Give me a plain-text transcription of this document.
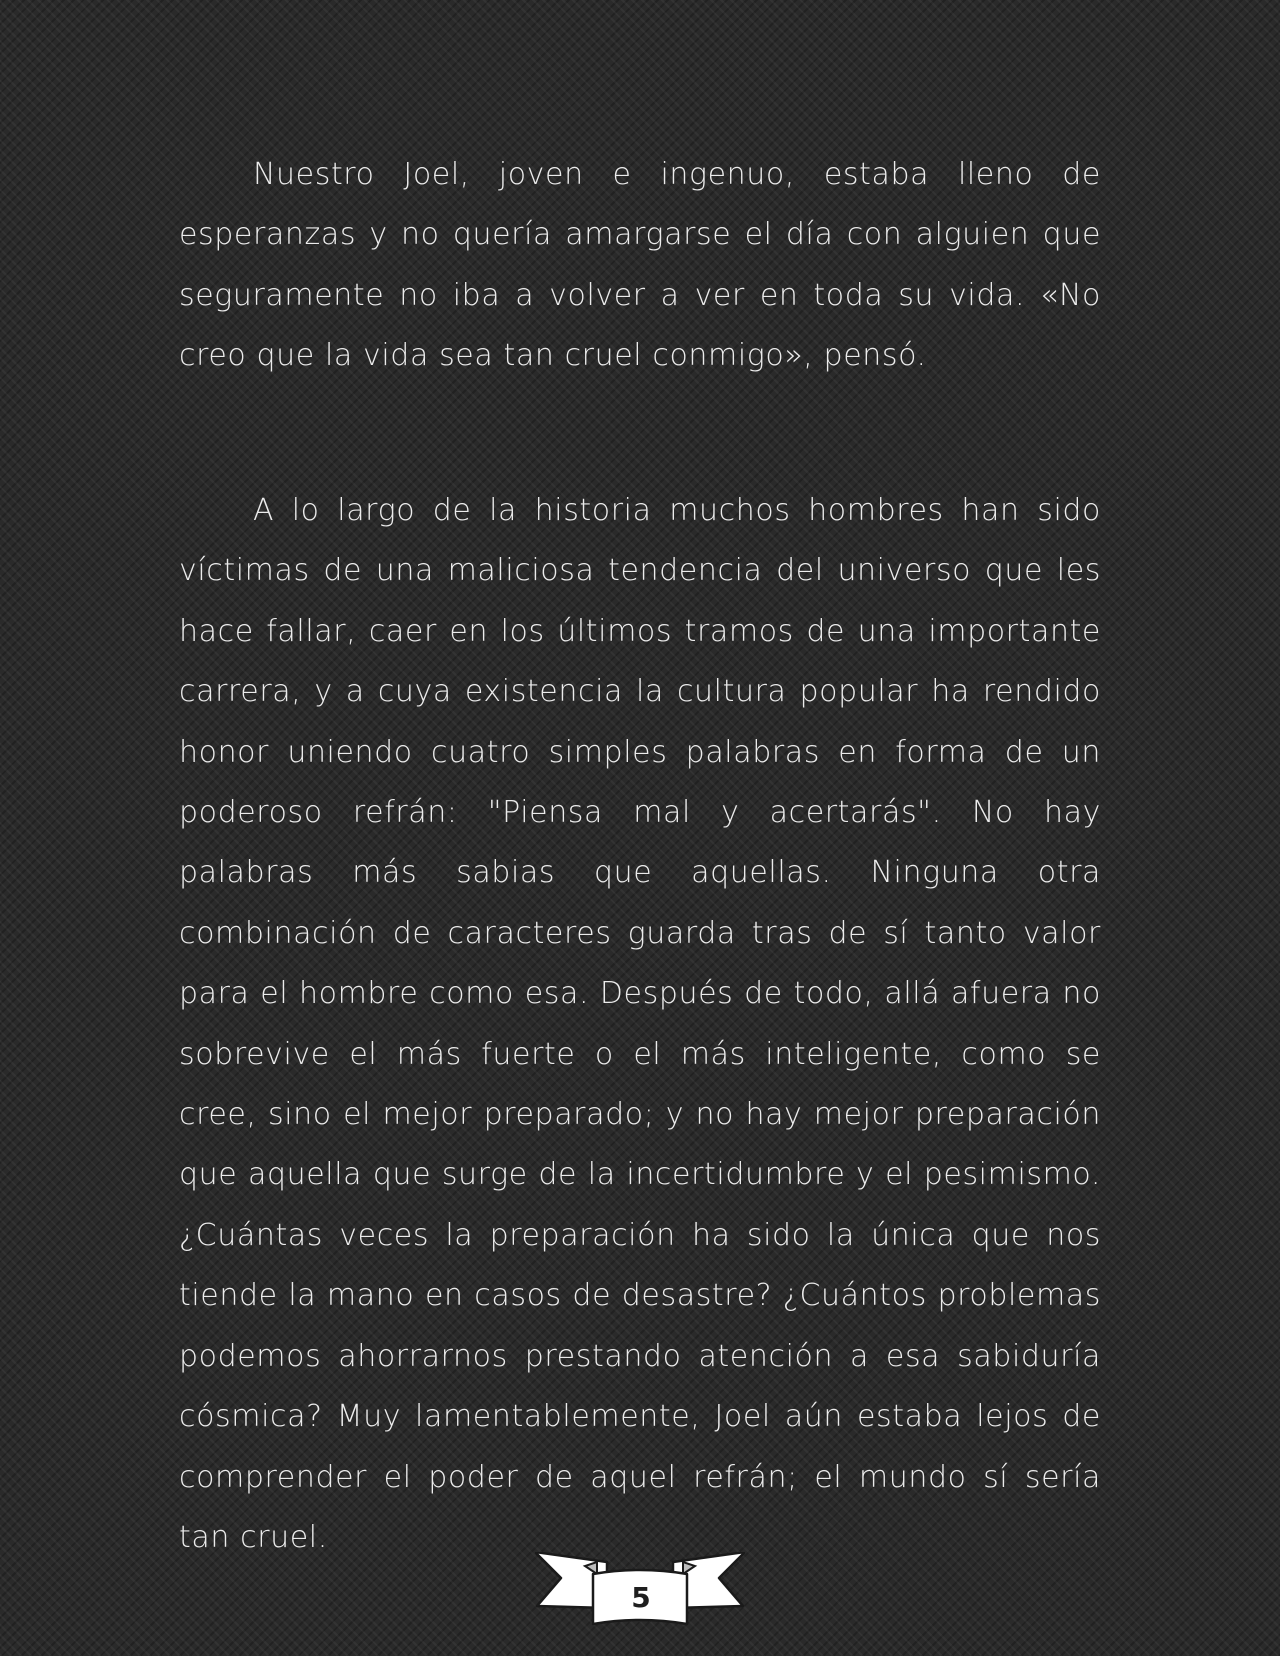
Nuestro Joel, joven e ingenuo, estaba lleno de esperanzas y no quería amargarse el día con alguien que seguramente no iba a volver a ver en toda su vida. «No creo que la vida sea tan cruel conmigo», pensó.

A lo largo de la historia muchos hombres han sido víctimas de una maliciosa tendencia del universo que les hace fallar, caer en los últimos tramos de una importante carrera, y a cuya existencia la cultura popular ha rendido honor uniendo cuatro simples palabras en forma de un poderoso refrán: "Piensa mal y acertarás". No hay palabras más sabias que aquellas. Ninguna otra combinación de caracteres guarda tras de sí tanto valor para el hombre como esa. Después de todo, allá afuera no sobrevive el más fuerte o el más inteligente, como se cree, sino el mejor preparado; y no hay mejor preparación que aquella que surge de la incertidumbre y el pesimismo. ¿Cuántas veces la preparación ha sido la única que nos tiende la mano en casos de desastre? ¿Cuántos problemas podemos ahorrarnos prestando atención a esa sabiduría cósmica? Muy lamentablemente, Joel aún estaba lejos de comprender el poder de aquel refrán; el mundo sí sería tan cruel.

5
